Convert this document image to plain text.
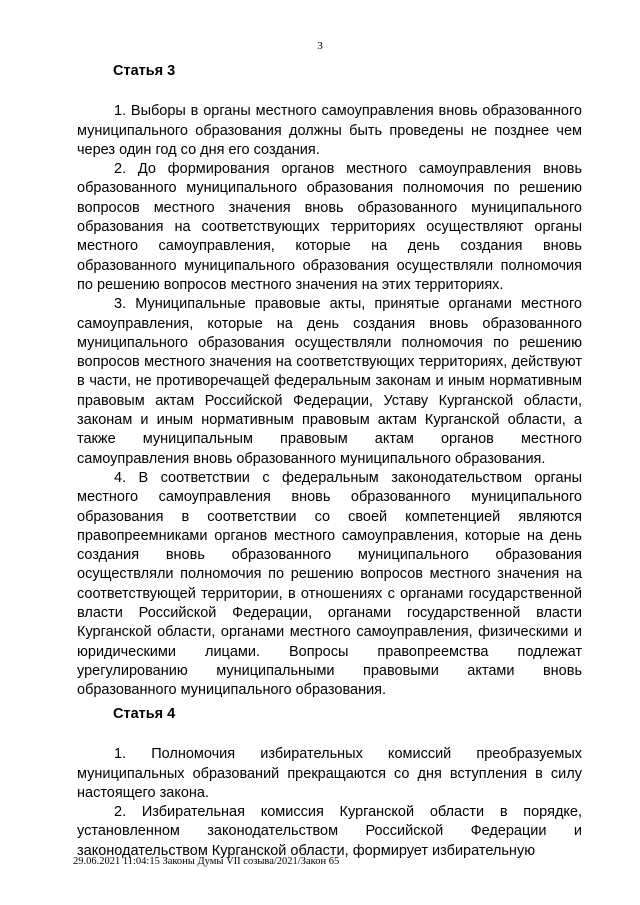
3
Статья 3

1. Выборы в органы местного самоуправления вновь образованного муниципального образования должны быть проведены не позднее чем через один год со дня его создания.

2. До формирования органов местного самоуправления вновь образованного муниципального образования полномочия по решению вопросов местного значения вновь образованного муниципального образования на соответствующих территориях осуществляют органы местного самоуправления, которые на день создания вновь образованного муниципального образования осуществляли полномочия по решению вопросов местного значения на этих территориях.

3. Муниципальные правовые акты, принятые органами местного самоуправления, которые на день создания вновь образованного муниципального образования осуществляли полномочия по решению вопросов местного значения на соответствующих территориях, действуют в части, не противоречащей федеральным законам и иным нормативным правовым актам Российской Федерации, Уставу Курганской области, законам и иным нормативным правовым актам Курганской области, а также муниципальным правовым актам органов местного самоуправления вновь образованного муниципального образования.

4. В соответствии с федеральным законодательством органы местного самоуправления вновь образованного муниципального образования в соответствии со своей компетенцией являются правопреемниками органов местного самоуправления, которые на день создания вновь образованного муниципального образования осуществляли полномочия по решению вопросов местного значения на соответствующей территории, в отношениях с органами государственной власти Российской Федерации, органами государственной власти Курганской области, органами местного самоуправления, физическими и юридическими лицами. Вопросы правопреемства подлежат урегулированию муниципальными правовыми актами вновь образованного муниципального образования.

Статья 4

1. Полномочия избирательных комиссий преобразуемых муниципальных образований прекращаются со дня вступления в силу настоящего закона.

2. Избирательная комиссия Курганской области в порядке, установленном законодательством Российской Федерации и законодательством Курганской области, формирует избирательную

29.06.2021 11:04:15 Законы Думы VII созыва/2021/Закон 65
